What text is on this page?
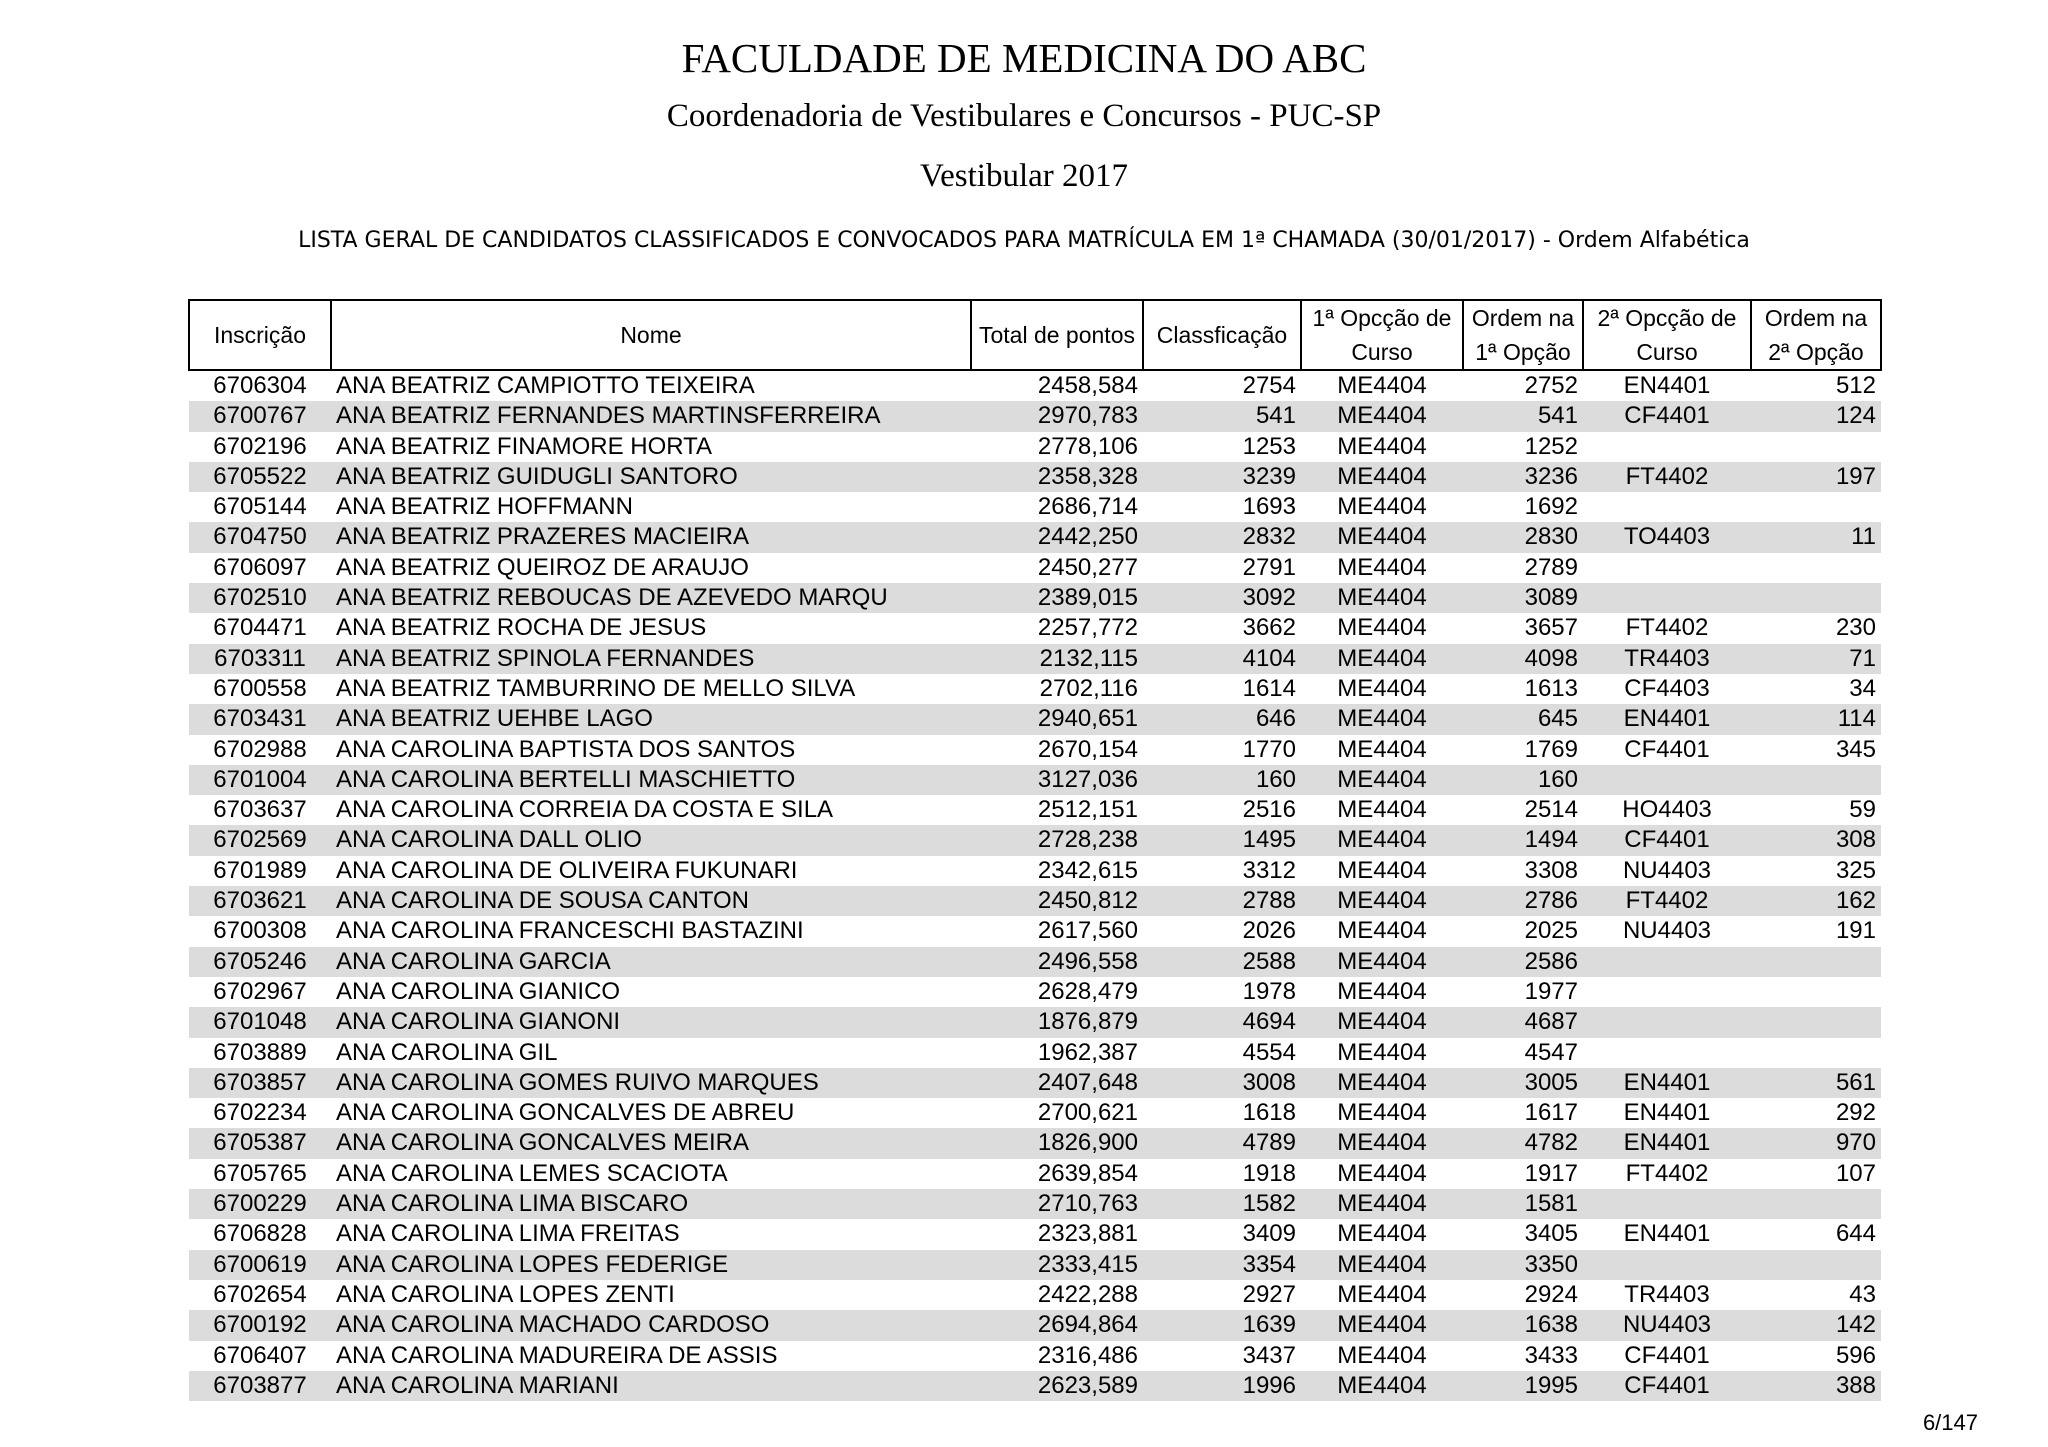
FACULDADE DE MEDICINA DO ABC
Coordenadoria de Vestibulares e Concursos - PUC-SP
Vestibular 2017
LISTA GERAL DE CANDIDATOS CLASSIFICADOS E CONVOCADOS PARA MATRÍCULA EM 1ª CHAMADA (30/01/2017) - Ordem Alfabética
Inscrição	Nome	Total de pontos	Classficação	1ª Opcção de Curso	Ordem na 1ª Opção	2ª Opcção de Curso	Ordem na 2ª Opção
6706304	ANA BEATRIZ CAMPIOTTO TEIXEIRA	2458,584	2754	ME4404	2752	EN4401	512
6700767	ANA BEATRIZ FERNANDES MARTINSFERREIRA	2970,783	541	ME4404	541	CF4401	124
6702196	ANA BEATRIZ FINAMORE HORTA	2778,106	1253	ME4404	1252		
6705522	ANA BEATRIZ GUIDUGLI SANTORO	2358,328	3239	ME4404	3236	FT4402	197
6705144	ANA BEATRIZ HOFFMANN	2686,714	1693	ME4404	1692		
6704750	ANA BEATRIZ PRAZERES MACIEIRA	2442,250	2832	ME4404	2830	TO4403	11
6706097	ANA BEATRIZ QUEIROZ DE ARAUJO	2450,277	2791	ME4404	2789		
6702510	ANA BEATRIZ REBOUCAS DE AZEVEDO MARQU	2389,015	3092	ME4404	3089		
6704471	ANA BEATRIZ ROCHA DE JESUS	2257,772	3662	ME4404	3657	FT4402	230
6703311	ANA BEATRIZ SPINOLA FERNANDES	2132,115	4104	ME4404	4098	TR4403	71
6700558	ANA BEATRIZ TAMBURRINO DE MELLO SILVA	2702,116	1614	ME4404	1613	CF4403	34
6703431	ANA BEATRIZ UEHBE LAGO	2940,651	646	ME4404	645	EN4401	114
6702988	ANA CAROLINA BAPTISTA DOS SANTOS	2670,154	1770	ME4404	1769	CF4401	345
6701004	ANA CAROLINA BERTELLI MASCHIETTO	3127,036	160	ME4404	160		
6703637	ANA CAROLINA CORREIA DA COSTA E SILA	2512,151	2516	ME4404	2514	HO4403	59
6702569	ANA CAROLINA DALL OLIO	2728,238	1495	ME4404	1494	CF4401	308
6701989	ANA CAROLINA DE OLIVEIRA FUKUNARI	2342,615	3312	ME4404	3308	NU4403	325
6703621	ANA CAROLINA DE SOUSA CANTON	2450,812	2788	ME4404	2786	FT4402	162
6700308	ANA CAROLINA FRANCESCHI BASTAZINI	2617,560	2026	ME4404	2025	NU4403	191
6705246	ANA CAROLINA GARCIA	2496,558	2588	ME4404	2586		
6702967	ANA CAROLINA GIANICO	2628,479	1978	ME4404	1977		
6701048	ANA CAROLINA GIANONI	1876,879	4694	ME4404	4687		
6703889	ANA CAROLINA GIL	1962,387	4554	ME4404	4547		
6703857	ANA CAROLINA GOMES RUIVO MARQUES	2407,648	3008	ME4404	3005	EN4401	561
6702234	ANA CAROLINA GONCALVES DE ABREU	2700,621	1618	ME4404	1617	EN4401	292
6705387	ANA CAROLINA GONCALVES MEIRA	1826,900	4789	ME4404	4782	EN4401	970
6705765	ANA CAROLINA LEMES SCACIOTA	2639,854	1918	ME4404	1917	FT4402	107
6700229	ANA CAROLINA LIMA BISCARO	2710,763	1582	ME4404	1581		
6706828	ANA CAROLINA LIMA FREITAS	2323,881	3409	ME4404	3405	EN4401	644
6700619	ANA CAROLINA LOPES FEDERIGE	2333,415	3354	ME4404	3350		
6702654	ANA CAROLINA LOPES ZENTI	2422,288	2927	ME4404	2924	TR4403	43
6700192	ANA CAROLINA MACHADO CARDOSO	2694,864	1639	ME4404	1638	NU4403	142
6706407	ANA CAROLINA MADUREIRA DE ASSIS	2316,486	3437	ME4404	3433	CF4401	596
6703877	ANA CAROLINA MARIANI	2623,589	1996	ME4404	1995	CF4401	388
6/147
